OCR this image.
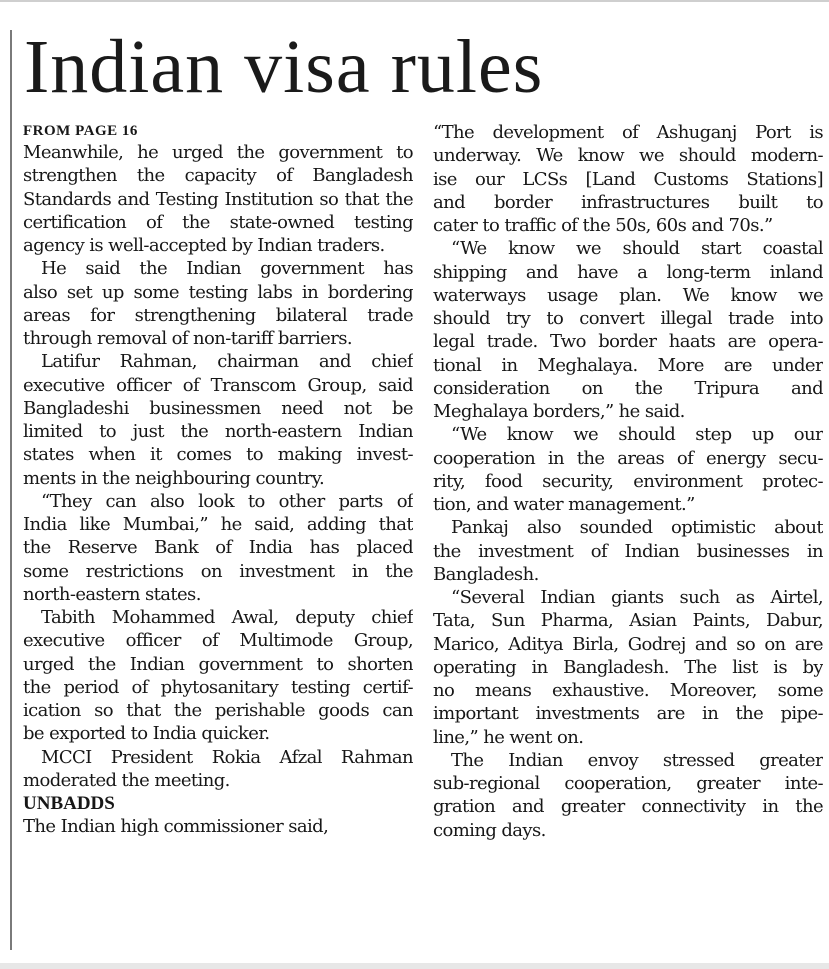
Indian visa rules
FROM PAGE 16
Meanwhile, he urged the government to
strengthen the capacity of Bangladesh
Standards and Testing Institution so that the
certification of the state-owned testing
agency is well-accepted by Indian traders.
He said the Indian government has
also set up some testing labs in bordering
areas for strengthening bilateral trade
through removal of non-tariff barriers.
Latifur Rahman, chairman and chief
executive officer of Transcom Group, said
Bangladeshi businessmen need not be
limited to just the north-eastern Indian
states when it comes to making invest-
ments in the neighbouring country.
“They can also look to other parts of
India like Mumbai,” he said, adding that
the Reserve Bank of India has placed
some restrictions on investment in the
north-eastern states.
Tabith Mohammed Awal, deputy chief
executive officer of Multimode Group,
urged the Indian government to shorten
the period of phytosanitary testing certif-
ication so that the perishable goods can
be exported to India quicker.
MCCI President Rokia Afzal Rahman
moderated the meeting.
UNBADDS
The Indian high commissioner said,
“The development of Ashuganj Port is
underway. We know we should modern-
ise our LCSs [Land Customs Stations]
and border infrastructures built to
cater to traffic of the 50s, 60s and 70s.”
“We know we should start coastal
shipping and have a long-term inland
waterways usage plan. We know we
should try to convert illegal trade into
legal trade. Two border haats are opera-
tional in Meghalaya. More are under
consideration on the Tripura and
Meghalaya borders,” he said.
“We know we should step up our
cooperation in the areas of energy secu-
rity, food security, environment protec-
tion, and water management.”
Pankaj also sounded optimistic about
the investment of Indian businesses in
Bangladesh.
“Several Indian giants such as Airtel,
Tata, Sun Pharma, Asian Paints, Dabur,
Marico, Aditya Birla, Godrej and so on are
operating in Bangladesh. The list is by
no means exhaustive. Moreover, some
important investments are in the pipe-
line,” he went on.
The Indian envoy stressed greater
sub-regional cooperation, greater inte-
gration and greater connectivity in the
coming days.
